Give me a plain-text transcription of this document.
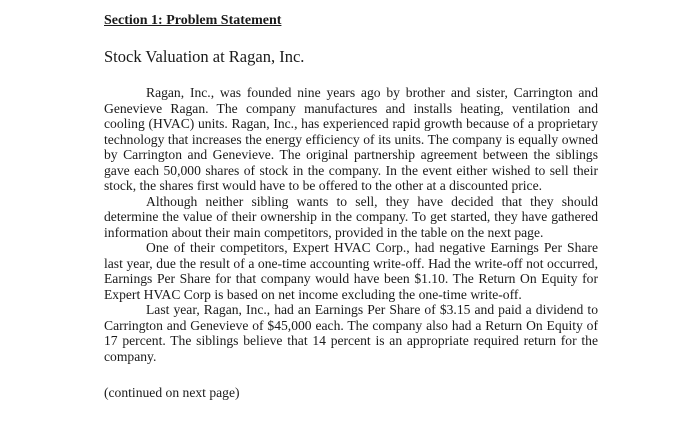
Section 1: Problem Statement
Stock Valuation at Ragan, Inc.

Ragan, Inc., was founded nine years ago by brother and sister, Carrington and Genevieve Ragan. The company manufactures and installs heating, ventilation and cooling (HVAC) units. Ragan, Inc., has experienced rapid growth because of a proprietary technology that increases the energy efficiency of its units. The company is equally owned by Carrington and Genevieve. The original partnership agreement between the siblings gave each 50,000 shares of stock in the company. In the event either wished to sell their stock, the shares first would have to be offered to the other at a discounted price.

Although neither sibling wants to sell, they have decided that they should determine the value of their ownership in the company. To get started, they have gathered information about their main competitors, provided in the table on the next page.

One of their competitors, Expert HVAC Corp., had negative Earnings Per Share last year, due the result of a one-time accounting write-off. Had the write-off not occurred, Earnings Per Share for that company would have been $1.10. The Return On Equity for Expert HVAC Corp is based on net income excluding the one-time write-off.

Last year, Ragan, Inc., had an Earnings Per Share of $3.15 and paid a dividend to Carrington and Genevieve of $45,000 each. The company also had a Return On Equity of 17 percent. The siblings believe that 14 percent is an appropriate required return for the company.

(continued on next page)
